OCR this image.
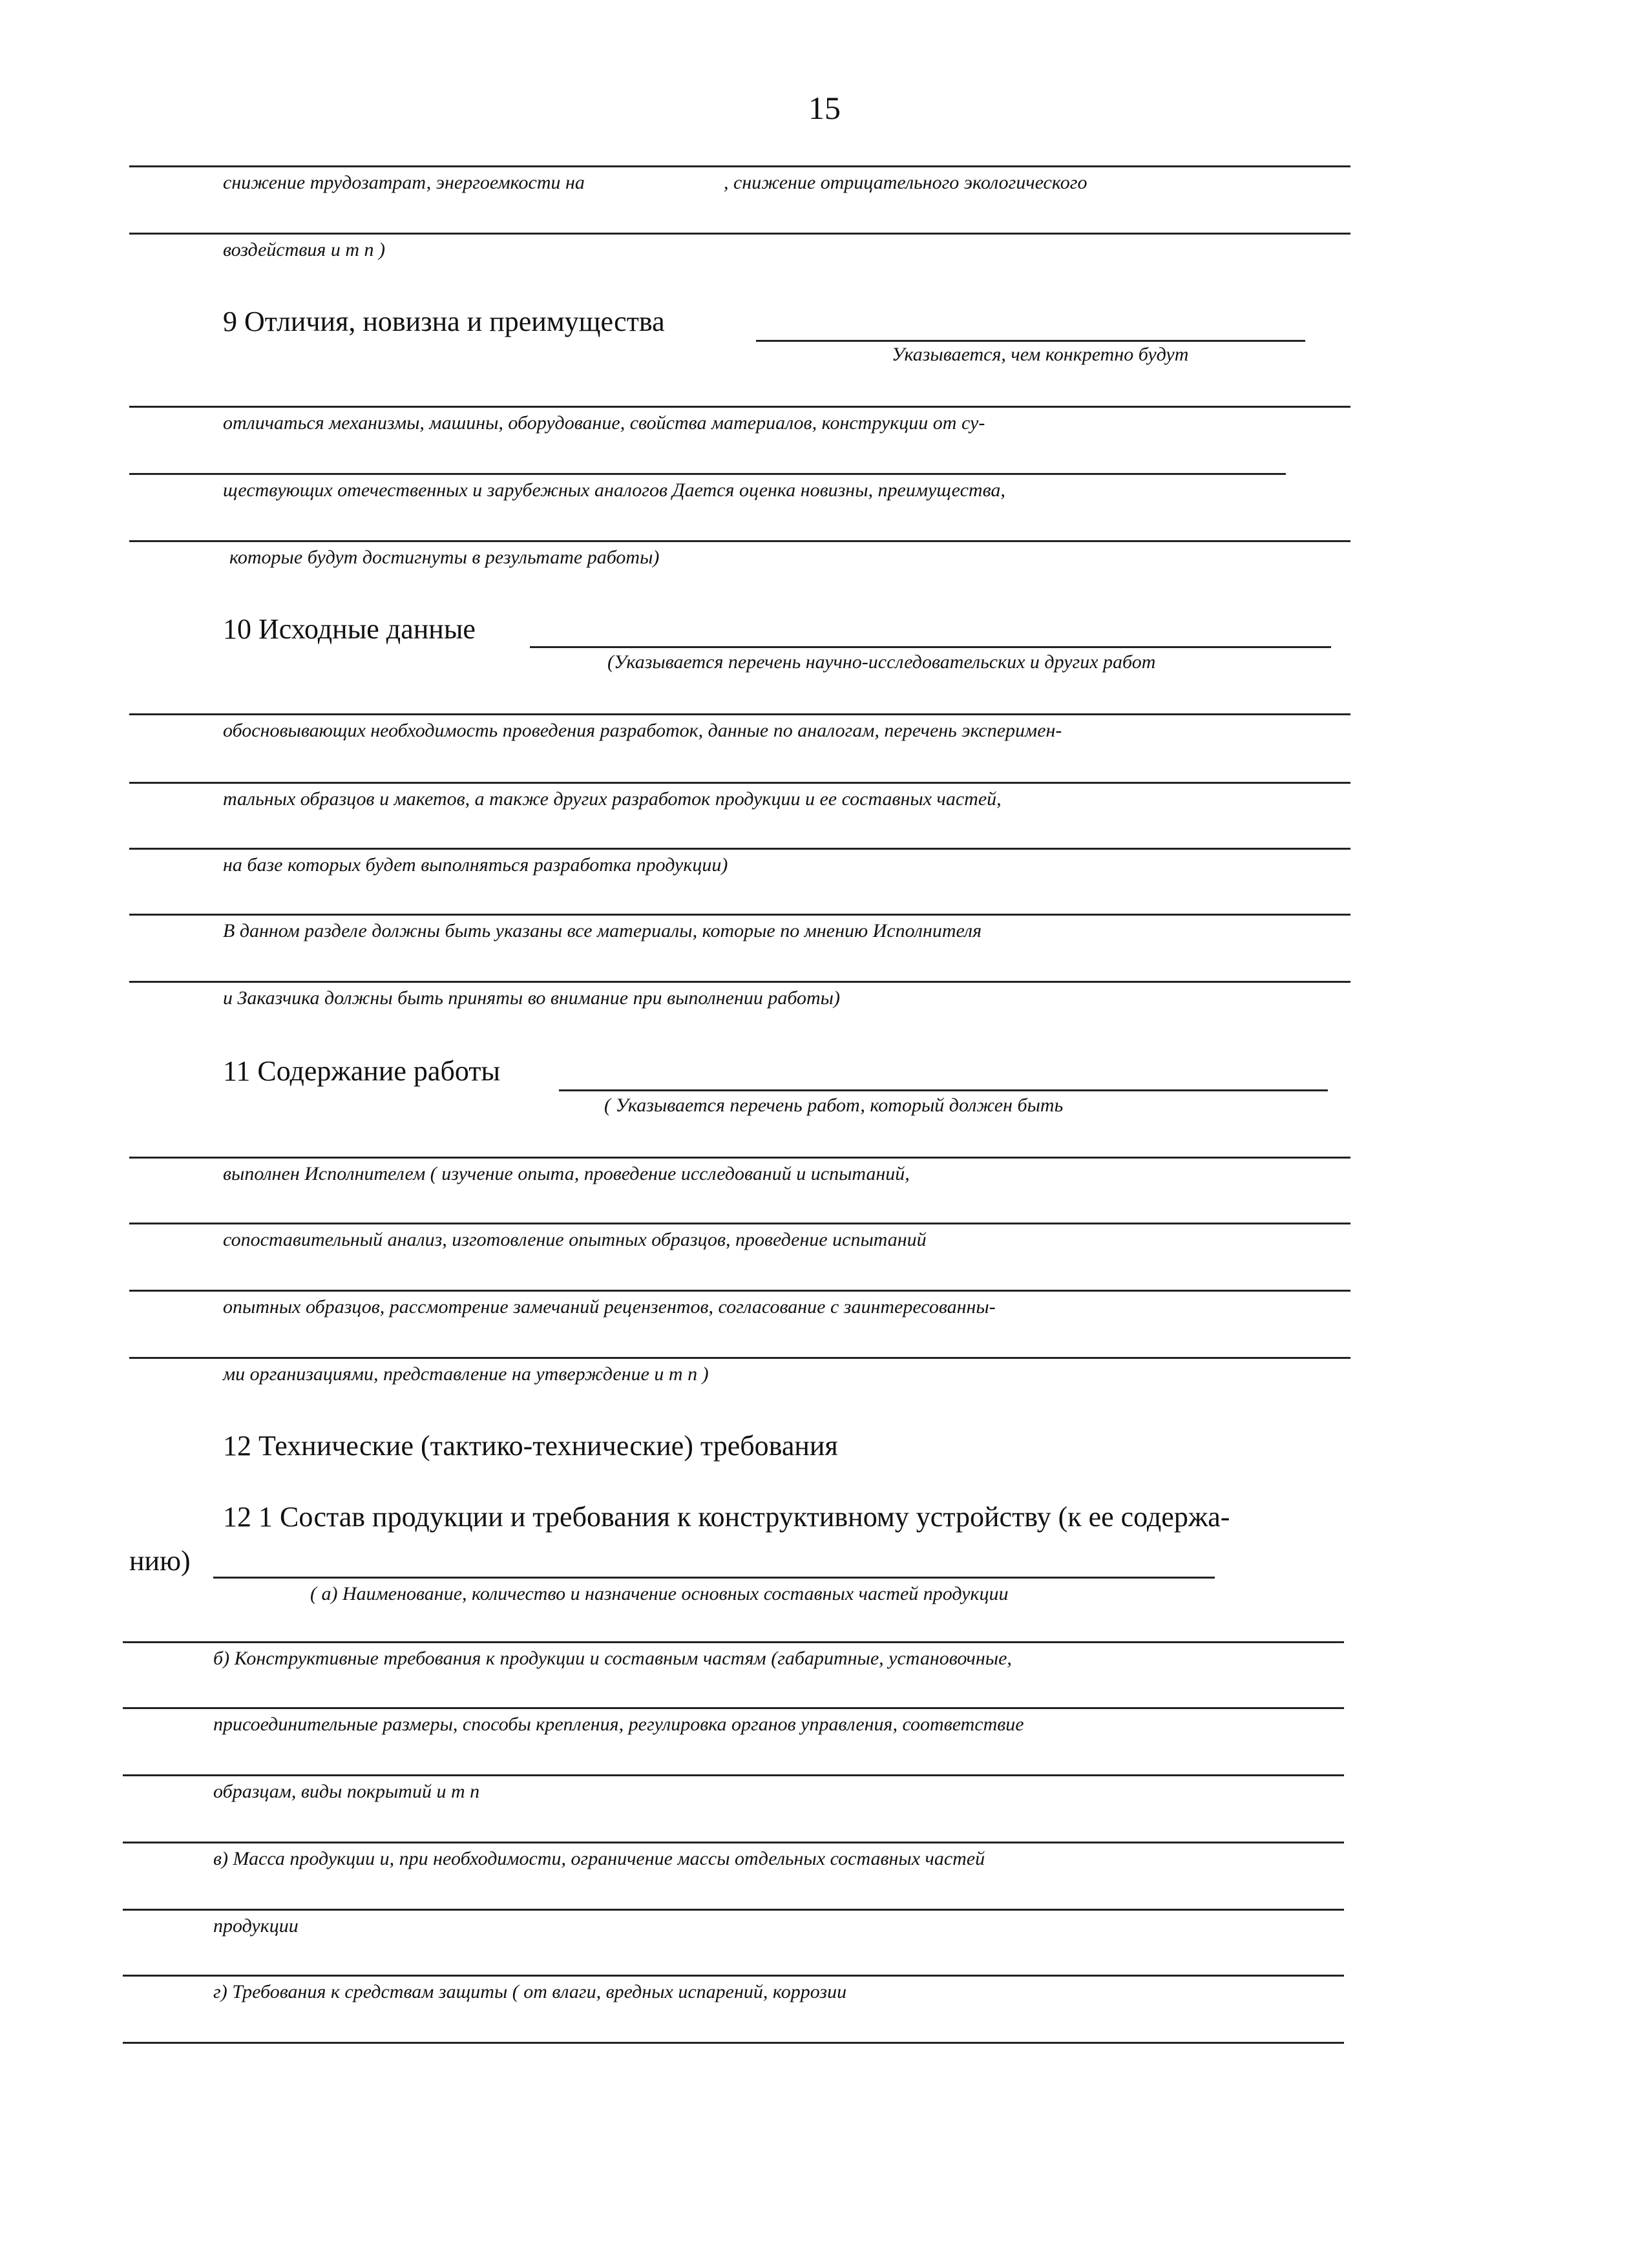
15
снижение трудозатрат, энергоемкости на	, снижение отрицательного экологического
воздействия и т п )
9 Отличия, новизна и преимущества
Указывается, чем конкретно будут
отличаться механизмы, машины, оборудование, свойства материалов, конструкции от су-
ществующих отечественных и зарубежных аналогов Дается оценка новизны, преимущества,
которые будут достигнуты в результате работы)
10 Исходные данные
(Указывается перечень научно-исследовательских и других работ
обосновывающих необходимость проведения разработок, данные по аналогам, перечень эксперимен-
тальных образцов и макетов, а также других разработок продукции и ее составных частей,
на базе которых будет выполняться разработка продукции)
В данном разделе должны быть указаны все материалы, которые по мнению Исполнителя
и Заказчика должны быть приняты во внимание при выполнении работы)
11 Содержание работы
( Указывается перечень работ, который должен быть
выполнен Исполнителем ( изучение опыта, проведение исследований и испытаний,
сопоставительный анализ, изготовление опытных образцов, проведение испытаний
опытных образцов, рассмотрение замечаний рецензентов, согласование с заинтересованны-
ми организациями, представление на утверждение и т п )
12 Технические (тактико-технические) требования
12 1 Состав продукции и требования к конструктивному устройству (к ее содержа-
нию)
( а) Наименование, количество и назначение основных составных частей продукции
б) Конструктивные требования к продукции и составным частям (габаритные, установочные,
присоединительные размеры, способы крепления, регулировка органов управления, соответствие
образцам, виды покрытий и т п
в) Масса продукции и, при необходимости, ограничение массы отдельных составных частей
продукции
г) Требования к средствам защиты ( от влаги, вредных испарений, коррозии
